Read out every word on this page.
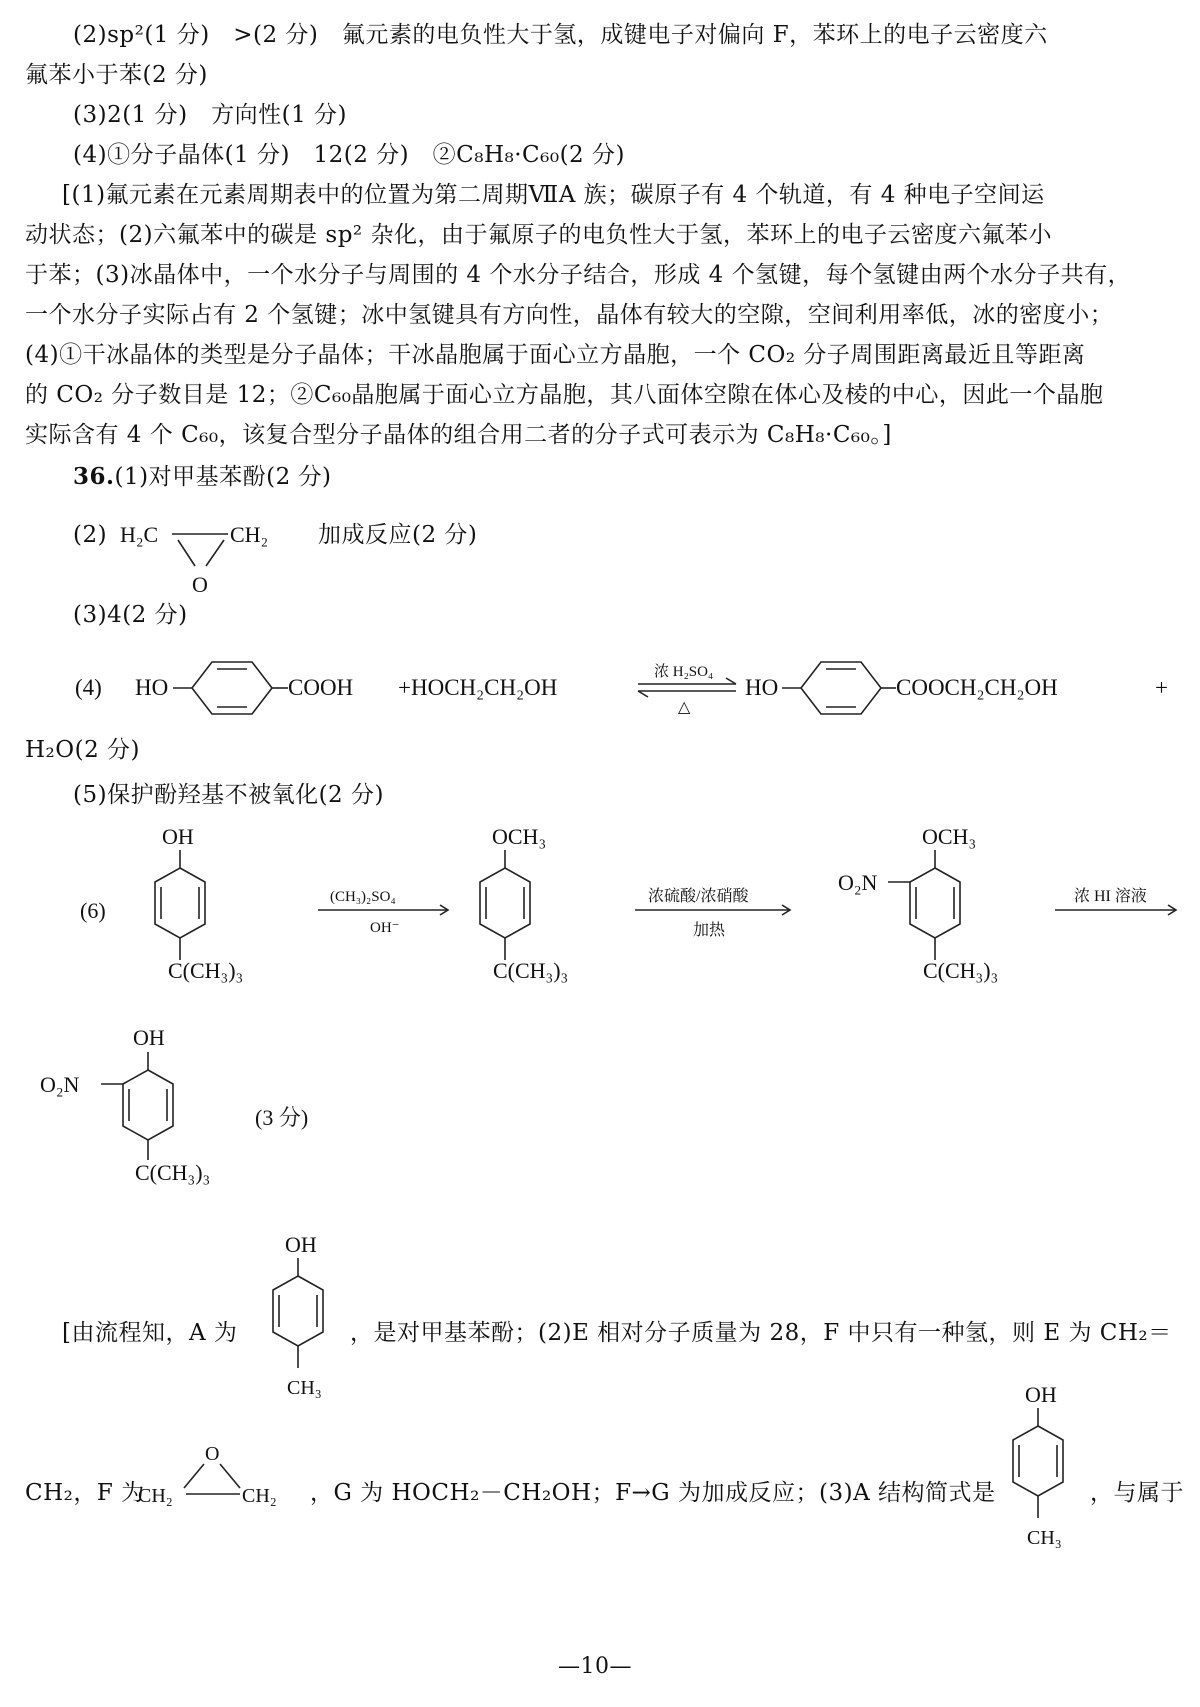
(2)sp²(1 分)　>(2 分)　氟元素的电负性大于氢，成键电子对偏向 F，苯环上的电子云密度六
氟苯小于苯(2 分)
(3)2(1 分)　方向性(1 分)
(4)①分子晶体(1 分)　12(2 分)　②C₈H₈·C₆₀(2 分)
[(1)氟元素在元素周期表中的位置为第二周期ⅦA 族；碳原子有 4 个轨道，有 4 种电子空间运
动状态；(2)六氟苯中的碳是 sp² 杂化，由于氟原子的电负性大于氢，苯环上的电子云密度六氟苯小
于苯；(3)冰晶体中，一个水分子与周围的 4 个水分子结合，形成 4 个氢键，每个氢键由两个水分子共有，
一个水分子实际占有 2 个氢键；冰中氢键具有方向性，晶体有较大的空隙，空间利用率低，冰的密度小；
(4)①干冰晶体的类型是分子晶体；干冰晶胞属于面心立方晶胞，一个 CO₂ 分子周围距离最近且等距离
的 CO₂ 分子数目是 12；②C₆₀晶胞属于面心立方晶胞，其八面体空隙在体心及棱的中心，因此一个晶胞
实际含有 4 个 C₆₀，该复合型分子晶体的组合用二者的分子式可表示为 C₈H₈·C₆₀。]
36.(1)对甲基苯酚(2 分)
(2) H₂C	CH₂
O
加成反应(2 分)
(3)4(2 分)
(4) HO	COOH +HOCH₂CH₂OH
浓 H₂SO₄
△
HO	COOCH₂CH₂OH	+
H₂O(2 分)
(5)保护酚羟基不被氧化(2 分)
(6)
OH
C(CH₃)₃
(CH₃)₂SO₄
OH⁻
OCH₃
C(CH₃)₃
浓硫酸/浓硝酸
加热
OCH₃
O₂N
C(CH₃)₃
浓 HI 溶液
OH
O₂N
C(CH₃)₃
(3 分)
OH
CH₃
[由流程知，A 为	，是对甲基苯酚；(2)E 相对分子质量为 28，F 中只有一种氢，则 E 为 CH₂＝
CH₂，F 为
O
CH₂	CH₂ ，G 为 HOCH₂－CH₂OH；F→G 为加成反应；(3)A 结构简式是
OH
CH₃
，与属于
—10—
